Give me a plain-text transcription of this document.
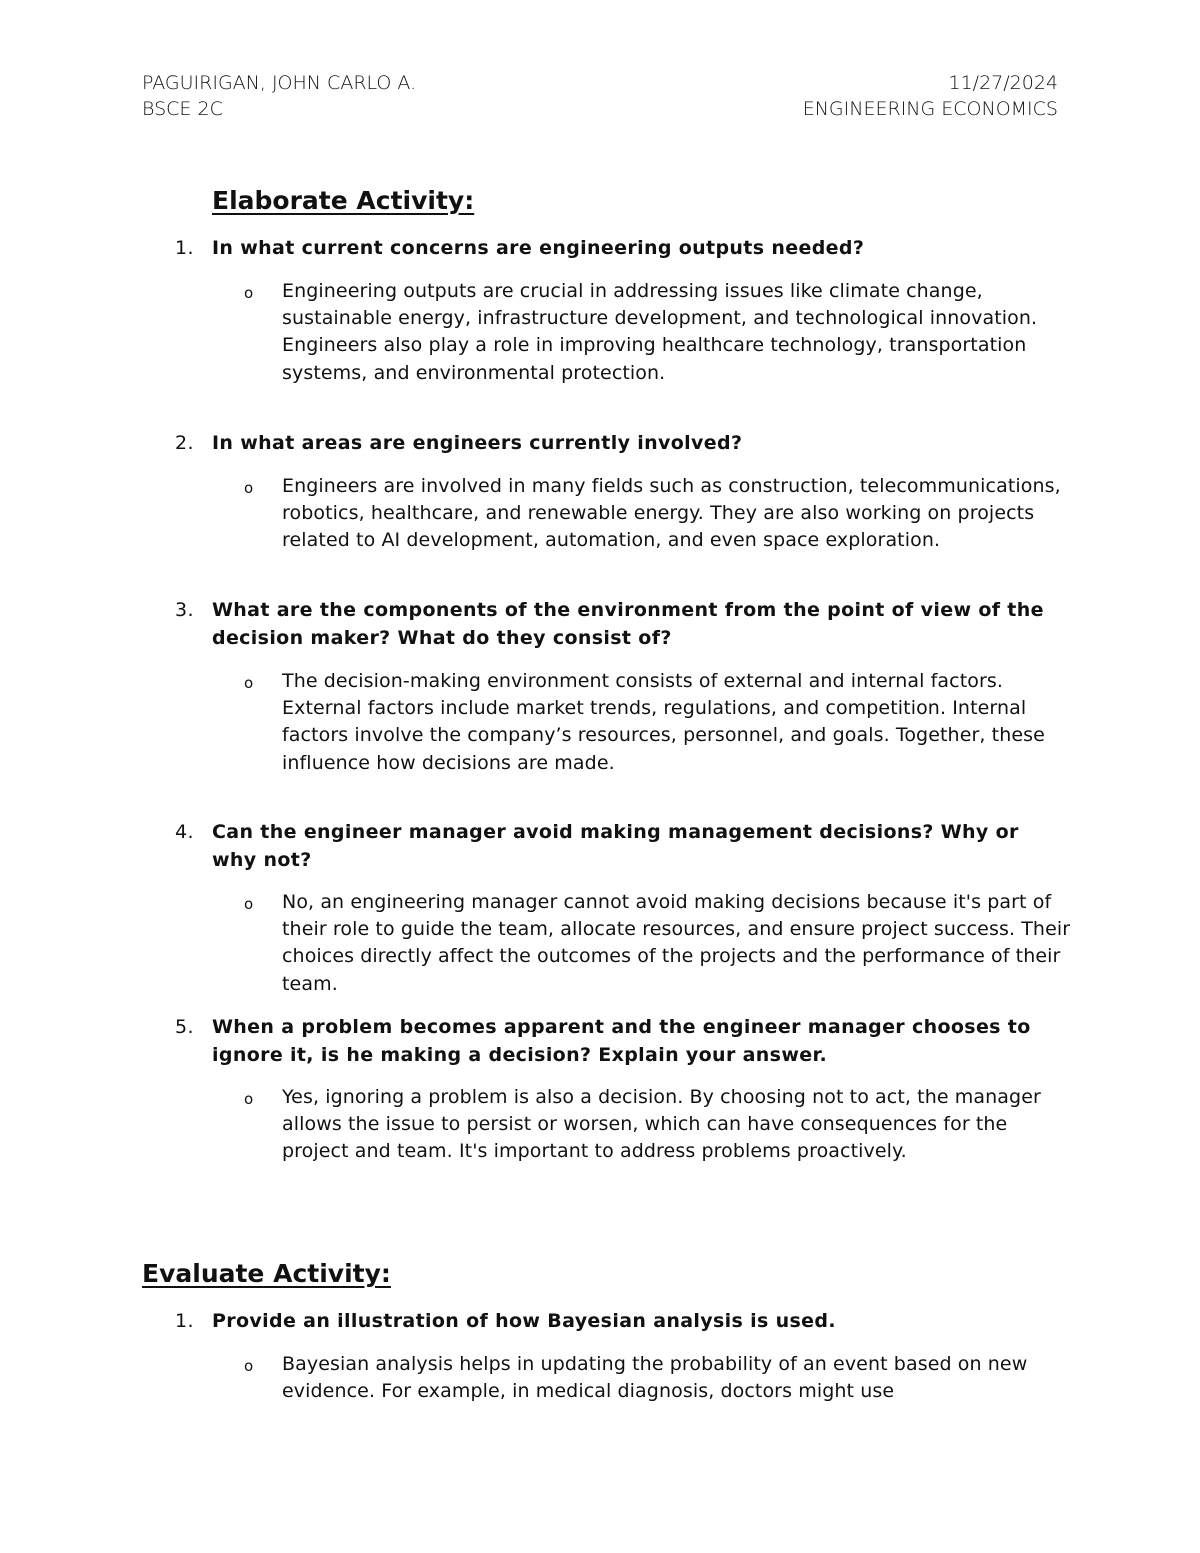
PAGUIRIGAN, JOHN CARLO A.	11/27/2024
BSCE 2C	ENGINEERING ECONOMICS
Elaborate Activity:
1. In what current concerns are engineering outputs needed?
o Engineering outputs are crucial in addressing issues like climate change, sustainable energy, infrastructure development, and technological innovation. Engineers also play a role in improving healthcare technology, transportation systems, and environmental protection.
2. In what areas are engineers currently involved?
o Engineers are involved in many fields such as construction, telecommunications, robotics, healthcare, and renewable energy. They are also working on projects related to AI development, automation, and even space exploration.
3. What are the components of the environment from the point of view of the decision maker? What do they consist of?
o The decision-making environment consists of external and internal factors. External factors include market trends, regulations, and competition. Internal factors involve the company’s resources, personnel, and goals. Together, these influence how decisions are made.
4. Can the engineer manager avoid making management decisions? Why or why not?
o No, an engineering manager cannot avoid making decisions because it's part of their role to guide the team, allocate resources, and ensure project success. Their choices directly affect the outcomes of the projects and the performance of their team.
5. When a problem becomes apparent and the engineer manager chooses to ignore it, is he making a decision? Explain your answer.
o Yes, ignoring a problem is also a decision. By choosing not to act, the manager allows the issue to persist or worsen, which can have consequences for the project and team. It's important to address problems proactively.
Evaluate Activity:
1. Provide an illustration of how Bayesian analysis is used.
o Bayesian analysis helps in updating the probability of an event based on new evidence. For example, in medical diagnosis, doctors might use
